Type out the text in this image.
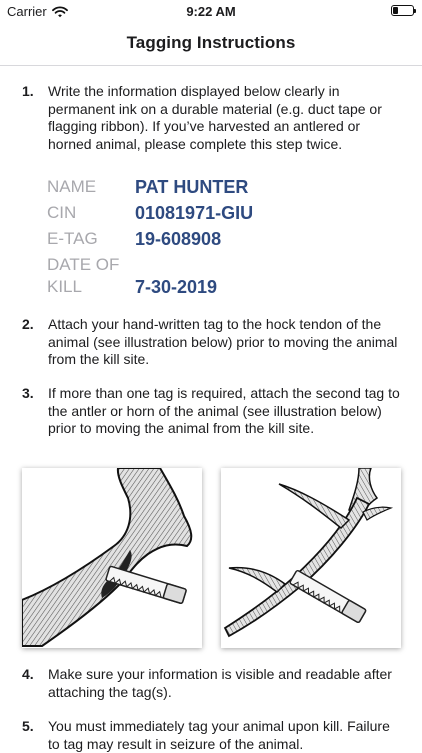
Carrier	9:22 AM
Tagging Instructions
1.	Write the information displayed below clearly in permanent ink on a durable material (e.g. duct tape or flagging ribbon). If you’ve harvested an antlered or horned animal, please complete this step twice.
NAME	PAT HUNTER
CIN	01081971-GIU
E-TAG	19-608908
DATE OF
KILL	7-30-2019
2.	Attach your hand-written tag to the hock tendon of the animal (see illustration below) prior to moving the animal from the kill site.
3.	If more than one tag is required, attach the second tag to the antler or horn of the animal (see illustration below) prior to moving the animal from the kill site.
4.	Make sure your information is visible and readable after attaching the tag(s).
5.	You must immediately tag your animal upon kill. Failure to tag may result in seizure of the animal.
